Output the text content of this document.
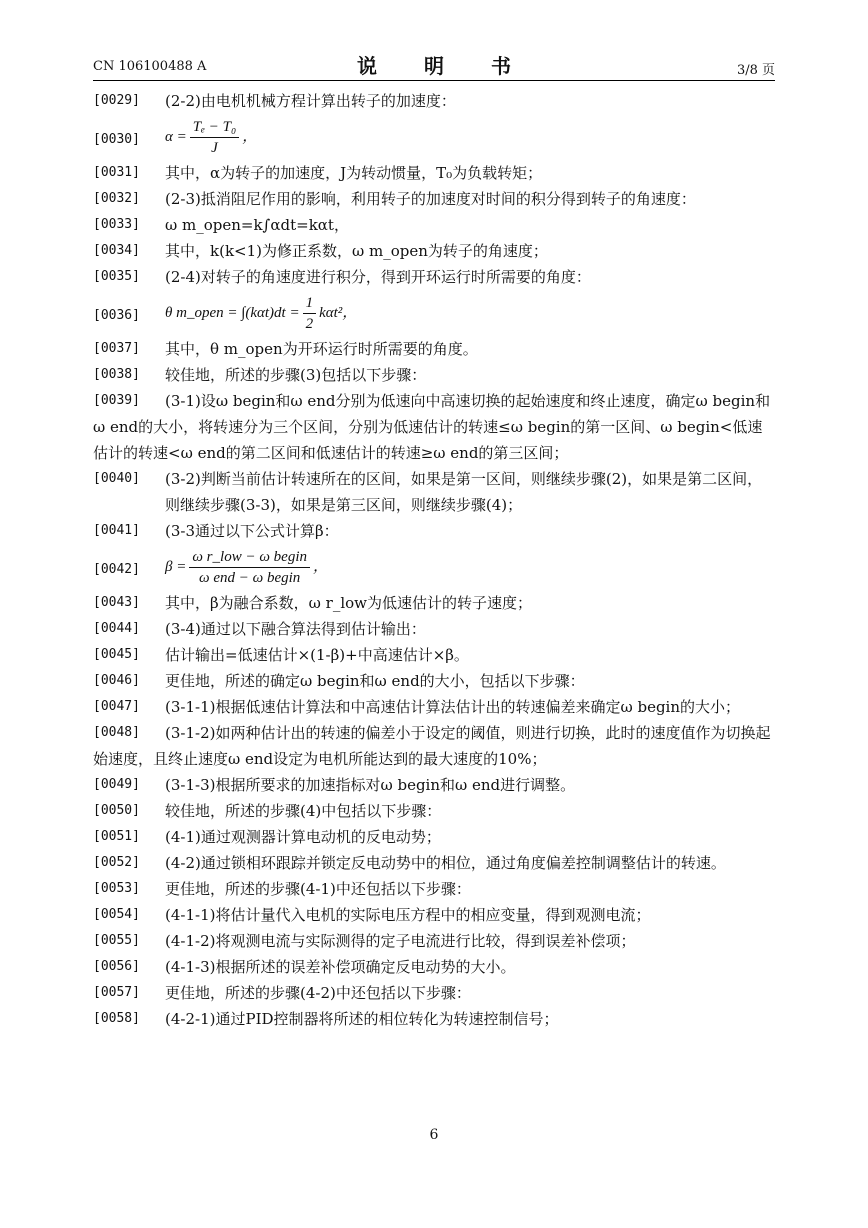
CN 106100488 A	说 明 书	3/8 页
[0029] (2-2)由电机机械方程计算出转子的加速度：
[0030] $\alpha = \frac{\text{Tₑ − T₀}}{J}$ ，
[0031] 其中，α为转子的加速度，J为转动惯量，T₀为负载转矩；
[0032] (2-3)抵消阻尼作用的影响，利用转子的加速度对时间的积分得到转子的角速度：
[0033] ω m_open=k∫αdt=kαt，
[0034] 其中，k(k<1)为修正系数，ω m_open为转子的角速度；
[0035] (2-4)对转子的角速度进行积分，得到开环运行时所需要的角度：
[0036] θ m_open = $\int(k\alpha t)dt = \frac{1}{2} k\alpha t^2$，
[0037] 其中，θ m_open为开环运行时所需要的角度。
[0038] 较佳地，所述的步骤(3)包括以下步骤：
[0039] (3-1)设ω begin和ω end分别为低速向中高速切换的起始速度和终止速度，确定ω begin和ω end的大小，将转速分为三个区间，分别为低速估计的转速≤ω begin的第一区间、ω begin<低速估计的转速<ω end的第二区间和低速估计的转速≥ω end的第三区间；
[0040] (3-2)判断当前估计转速所在的区间，如果是第一区间，则继续步骤(2)，如果是第二区间，则继续步骤(3-3)，如果是第三区间，则继续步骤(4)；
[0041] (3-3通过以下公式计算β：
[0042] $\beta = \frac{\text{ω r\_low − ω begin}}{\text{ω end − ω begin}}$ ，
[0043] 其中，β为融合系数，ω r_low为低速估计的转子速度；
[0044] (3-4)通过以下融合算法得到估计输出：
[0045] 估计输出=低速估计×(1-β)+中高速估计×β。
[0046] 更佳地，所述的确定ω begin和ω end的大小，包括以下步骤：
[0047] (3-1-1)根据低速估计算法和中高速估计算法估计出的转速偏差来确定ω begin的大小；
[0048] (3-1-2)如两种估计出的转速的偏差小于设定的阈值，则进行切换，此时的速度值作为切换起始速度，且终止速度ω end设定为电机所能达到的最大速度的10%；
[0049] (3-1-3)根据所要求的加速指标对ω begin和ω end进行调整。
[0050] 较佳地，所述的步骤(4)中包括以下步骤：
[0051] (4-1)通过观测器计算电动机的反电动势；
[0052] (4-2)通过锁相环跟踪并锁定反电动势中的相位，通过角度偏差控制调整估计的转速。
[0053] 更佳地，所述的步骤(4-1)中还包括以下步骤：
[0054] (4-1-1)将估计量代入电机的实际电压方程中的相应变量，得到观测电流；
[0055] (4-1-2)将观测电流与实际测得的定子电流进行比较，得到误差补偿项；
[0056] (4-1-3)根据所述的误差补偿项确定反电动势的大小。
[0057] 更佳地，所述的步骤(4-2)中还包括以下步骤：
[0058] (4-2-1)通过PID控制器将所述的相位转化为转速控制信号；
6
